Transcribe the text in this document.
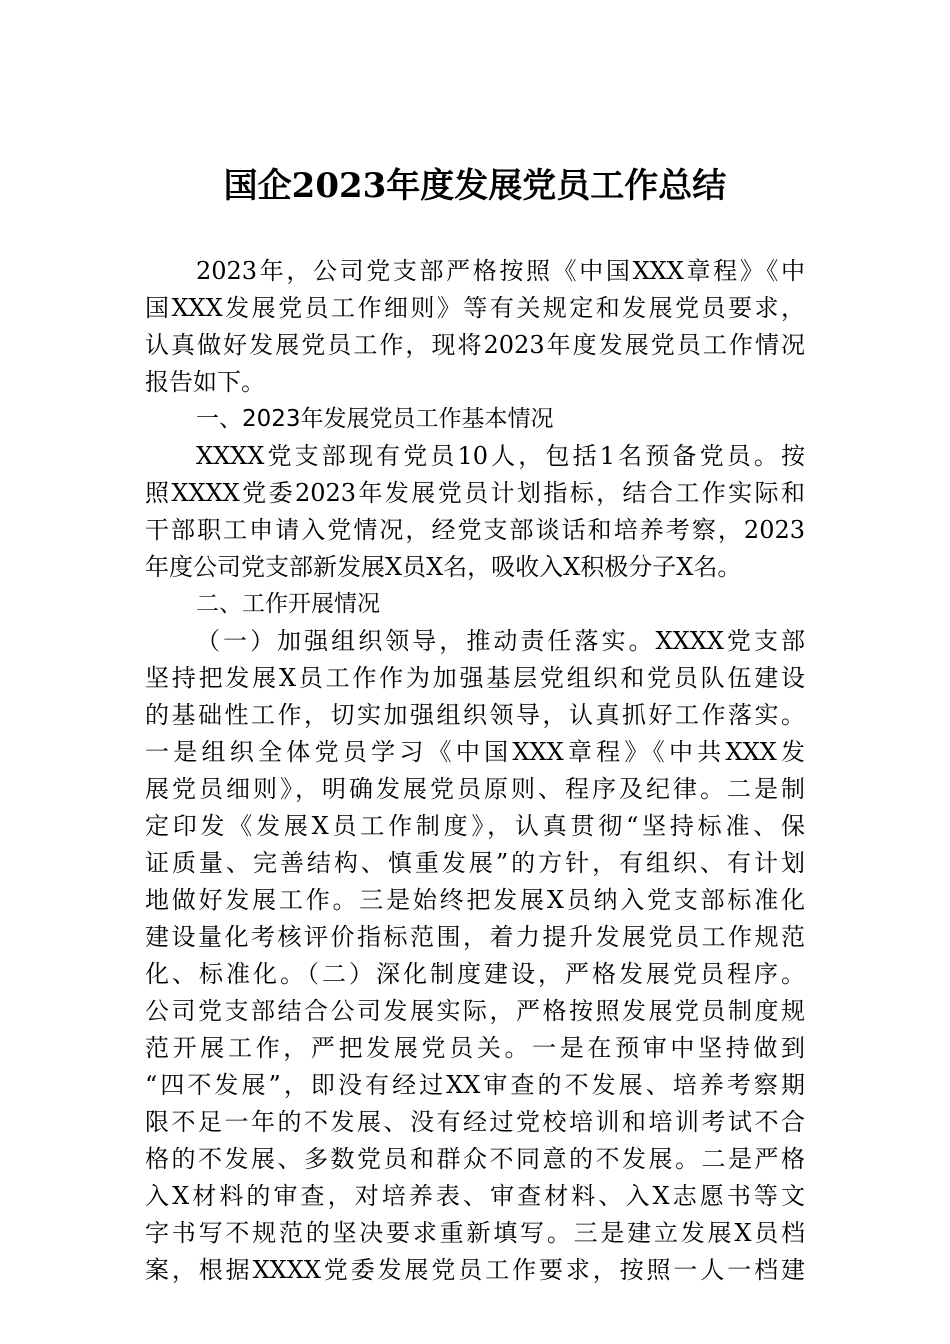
国企2023年度发展党员工作总结
2023年，公司党支部严格按照《中国XXX章程》《中
国XXX发展党员工作细则》等有关规定和发展党员要求，
认真做好发展党员工作，现将2023年度发展党员工作情况
报告如下。
一、2023年发展党员工作基本情况
XXXX党支部现有党员10人，包括1名预备党员。按
照XXXX党委2023年发展党员计划指标，结合工作实际和
干部职工申请入党情况，经党支部谈话和培养考察，2023
年度公司党支部新发展X员X名，吸收入X积极分子X名。
二、工作开展情况
（一）加强组织领导，推动责任落实。XXXX党支部
坚持把发展X员工作作为加强基层党组织和党员队伍建设
的基础性工作，切实加强组织领导，认真抓好工作落实。
一是组织全体党员学习《中国XXX章程》《中共XXX发
展党员细则》，明确发展党员原则、程序及纪律。二是制
定印发《发展X员工作制度》，认真贯彻“坚持标准、保
证质量、完善结构、慎重发展”的方针，有组织、有计划
地做好发展工作。三是始终把发展X员纳入党支部标准化
建设量化考核评价指标范围，着力提升发展党员工作规范
化、标准化。（二）深化制度建设，严格发展党员程序。
公司党支部结合公司发展实际，严格按照发展党员制度规
范开展工作，严把发展党员关。一是在预审中坚持做到
“四不发展”，即没有经过XX审查的不发展、培养考察期
限不足一年的不发展、没有经过党校培训和培训考试不合
格的不发展、多数党员和群众不同意的不发展。二是严格
入X材料的审查，对培养表、审查材料、入X志愿书等文
字书写不规范的坚决要求重新填写。三是建立发展X员档
案，根据XXXX党委发展党员工作要求，按照一人一档建
